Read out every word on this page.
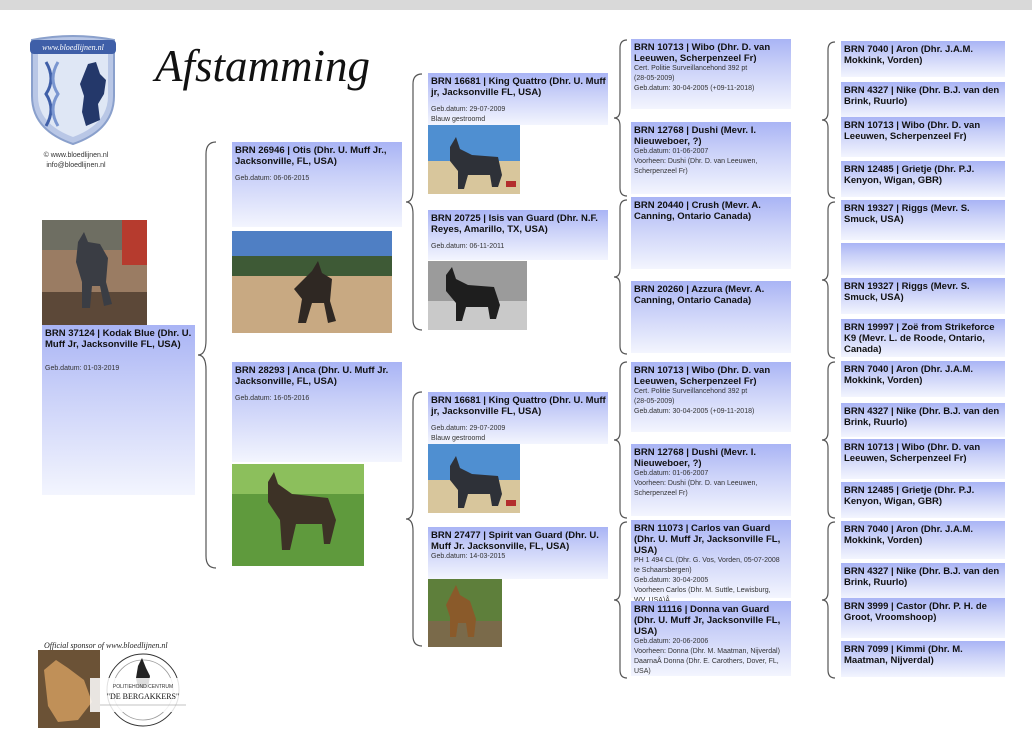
www.bloedlijnen.nl
© www.bloedlijnen.nl
info@bloedlijnen.nl
Afstamming
BRN 37124 | Kodak Blue (Dhr. U. Muff Jr, Jacksonville FL, USA)
Geb.datum: 01-03-2019
BRN 26946 | Otis (Dhr. U. Muff Jr., Jacksonville, FL, USA)
Geb.datum: 06-06-2015
BRN 28293 | Anca (Dhr. U. Muff Jr. Jacksonville, FL, USA)
Geb.datum: 16-05-2016
BRN 16681 | King Quattro (Dhr. U. Muff jr, Jacksonville FL, USA)
Geb.datum: 29-07-2009
Blauw gestroomd
BRN 20725 | Isis van Guard (Dhr. N.F. Reyes, Amarillo, TX, USA)
Geb.datum: 06-11-2011
BRN 16681 | King Quattro (Dhr. U. Muff jr, Jacksonville FL, USA)
Geb.datum: 29-07-2009
Blauw gestroomd
BRN 27477 | Spirit van Guard (Dhr. U. Muff Jr. Jacksonville, FL, USA)
Geb.datum: 14-03-2015
BRN 10713 | Wibo (Dhr. D. van Leeuwen, Scherpenzeel Fr)
Cert. Politie Surveillancehond 392 pt
(28-05-2009)
Geb.datum: 30-04-2005 (+09-11-2018)
BRN 12768 | Dushi (Mevr. I. Nieuweboer, ?)
Geb.datum: 01-06-2007
Voorheen: Dushi (Dhr. D. van Leeuwen,
Scherpenzeel Fr)
BRN 20440 | Crush (Mevr. A. Canning, Ontario Canada)
BRN 20260 | Azzura (Mevr. A. Canning, Ontario Canada)
BRN 10713 | Wibo (Dhr. D. van Leeuwen, Scherpenzeel Fr)
Cert. Politie Surveillancehond 392 pt
(28-05-2009)
Geb.datum: 30-04-2005 (+09-11-2018)
BRN 12768 | Dushi (Mevr. I. Nieuweboer, ?)
Geb.datum: 01-06-2007
Voorheen: Dushi (Dhr. D. van Leeuwen,
Scherpenzeel Fr)
BRN 11073 | Carlos van Guard (Dhr. U. Muff Jr, Jacksonville FL, USA)
PH 1 494 CL (Dhr. G. Vos, Vorden, 05-07-2008
te Schaarsbergen)
Geb.datum: 30-04-2005
Voorheen Carlos (Dhr. M. Suttle, Lewisburg,
BRN 11116 | Donna van Guard (Dhr. U. Muff Jr, Jacksonville FL, USA)
Geb.datum: 20-06-2006
Voorheen: Donna (Dhr. M. Maatman, Nijverdal)
DaarnaÂ Donna (Dhr. E. Carothers, Dover, FL,
USA)
BRN 7040 | Aron (Dhr. J.A.M. Mokkink, Vorden)
BRN 4327 | Nike (Dhr. B.J. van den Brink, Ruurlo)
BRN 10713 | Wibo (Dhr. D. van Leeuwen, Scherpenzeel Fr)
BRN 12485 | Grietje (Dhr. P.J. Kenyon, Wigan, GBR)
BRN 19327 | Riggs (Mevr. S. Smuck, USA)
BRN 19327 | Riggs (Mevr. S. Smuck, USA)
BRN 19997 | Zoë from Strikeforce K9 (Mevr. L. de Roode, Ontario, Canada)
BRN 7040 | Aron (Dhr. J.A.M. Mokkink, Vorden)
BRN 4327 | Nike (Dhr. B.J. van den Brink, Ruurlo)
BRN 10713 | Wibo (Dhr. D. van Leeuwen, Scherpenzeel Fr)
BRN 12485 | Grietje (Dhr. P.J. Kenyon, Wigan, GBR)
BRN 7040 | Aron (Dhr. J.A.M. Mokkink, Vorden)
BRN 4327 | Nike (Dhr. B.J. van den Brink, Ruurlo)
BRN 3999 | Castor (Dhr. P. H. de Groot, Vroomshoop)
BRN 7099 | Kimmi (Dhr. M. Maatman, Nijverdal)
Official sponsor of www.bloedlijnen.nl
POLITIEHOND CENTRUM
"DE BERGAKKERS"
